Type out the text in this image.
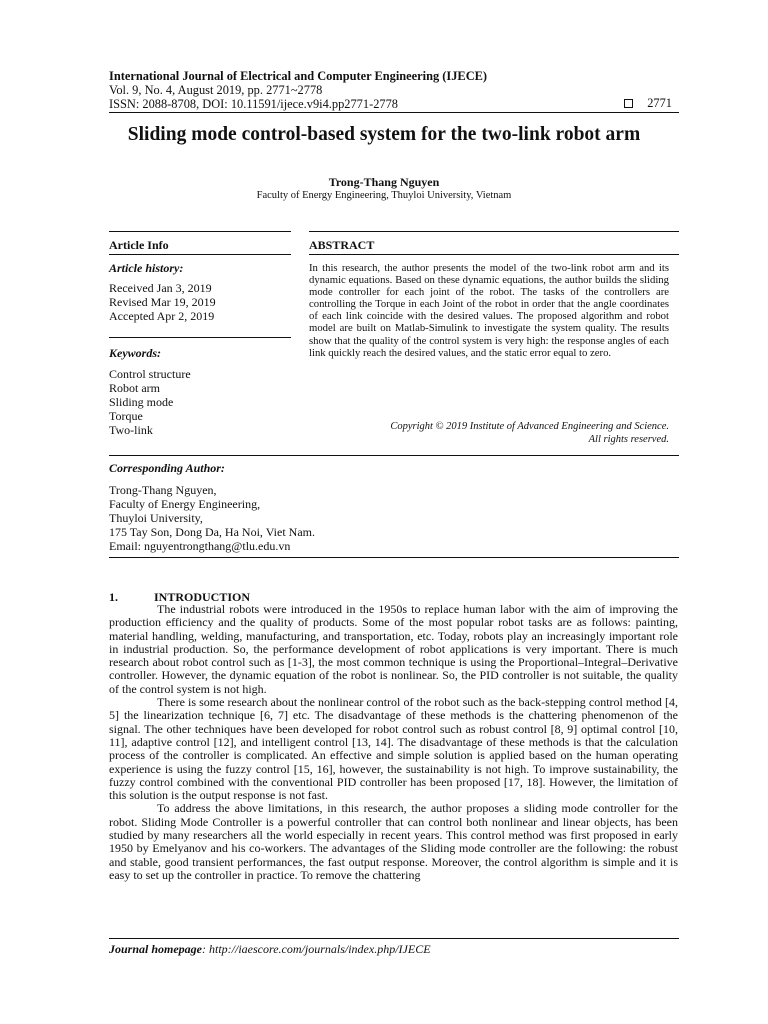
International Journal of Electrical and Computer Engineering (IJECE)
Vol. 9, No. 4, August 2019, pp. 2771~2778
ISSN: 2088-8708, DOI: 10.11591/ijece.v9i4.pp2771-2778	2771
Sliding mode control-based system for the two-link robot arm
Trong-Thang Nguyen
Faculty of Energy Engineering, Thuyloi University, Vietnam
Article Info	ABSTRACT
Article history:
Received Jan 3, 2019
Revised Mar 19, 2019
Accepted Apr 2, 2019
Keywords:
Control structure
Robot arm
Sliding mode
Torque
Two-link
In this research, the author presents the model of the two-link robot arm and its dynamic equations. Based on these dynamic equations, the author builds the sliding mode controller for each joint of the robot. The tasks of the controllers are controlling the Torque in each Joint of the robot in order that the angle coordinates of each link coincide with the desired values. The proposed algorithm and robot model are built on Matlab-Simulink to investigate the system quality. The results show that the quality of the control system is very high: the response angles of each link quickly reach the desired values, and the static error equal to zero.
Copyright © 2019 Institute of Advanced Engineering and Science.
All rights reserved.
Corresponding Author:
Trong-Thang Nguyen,
Faculty of Energy Engineering,
Thuyloi University,
175 Tay Son, Dong Da, Ha Noi, Viet Nam.
Email: nguyentrongthang@tlu.edu.vn
1.	INTRODUCTION

The industrial robots were introduced in the 1950s to replace human labor with the aim of improving the production efficiency and the quality of products. Some of the most popular robot tasks are as follows: painting, material handling, welding, manufacturing, and transportation, etc. Today, robots play an increasingly important role in industrial production. So, the performance development of robot applications is very important. There is much research about robot control such as [1-3], the most common technique is using the Proportional–Integral–Derivative controller. However, the dynamic equation of the robot is nonlinear. So, the PID controller is not suitable, the quality of the control system is not high.

There is some research about the nonlinear control of the robot such as the back-stepping control method [4, 5] the linearization technique [6, 7] etc. The disadvantage of these methods is the chattering phenomenon of the signal. The other techniques have been developed for robot control such as robust control [8, 9] optimal control [10, 11], adaptive control [12], and intelligent control [13, 14]. The disadvantage of these methods is that the calculation process of the controller is complicated. An effective and simple solution is applied based on the human operating experience is using the fuzzy control [15, 16], however, the sustainability is not high. To improve sustainability, the fuzzy control combined with the conventional PID controller has been proposed [17, 18]. However, the limitation of this solution is the output response is not fast.

To address the above limitations, in this research, the author proposes a sliding mode controller for the robot. Sliding Mode Controller is a powerful controller that can control both nonlinear and linear objects, has been studied by many researchers all the world especially in recent years. This control method was first proposed in early 1950 by Emelyanov and his co-workers. The advantages of the Sliding mode controller are the following: the robust and stable, good transient performances, the fast output response. Moreover, the control algorithm is simple and it is easy to set up the controller in practice. To remove the chattering

Journal homepage: http://iaescore.com/journals/index.php/IJECE
